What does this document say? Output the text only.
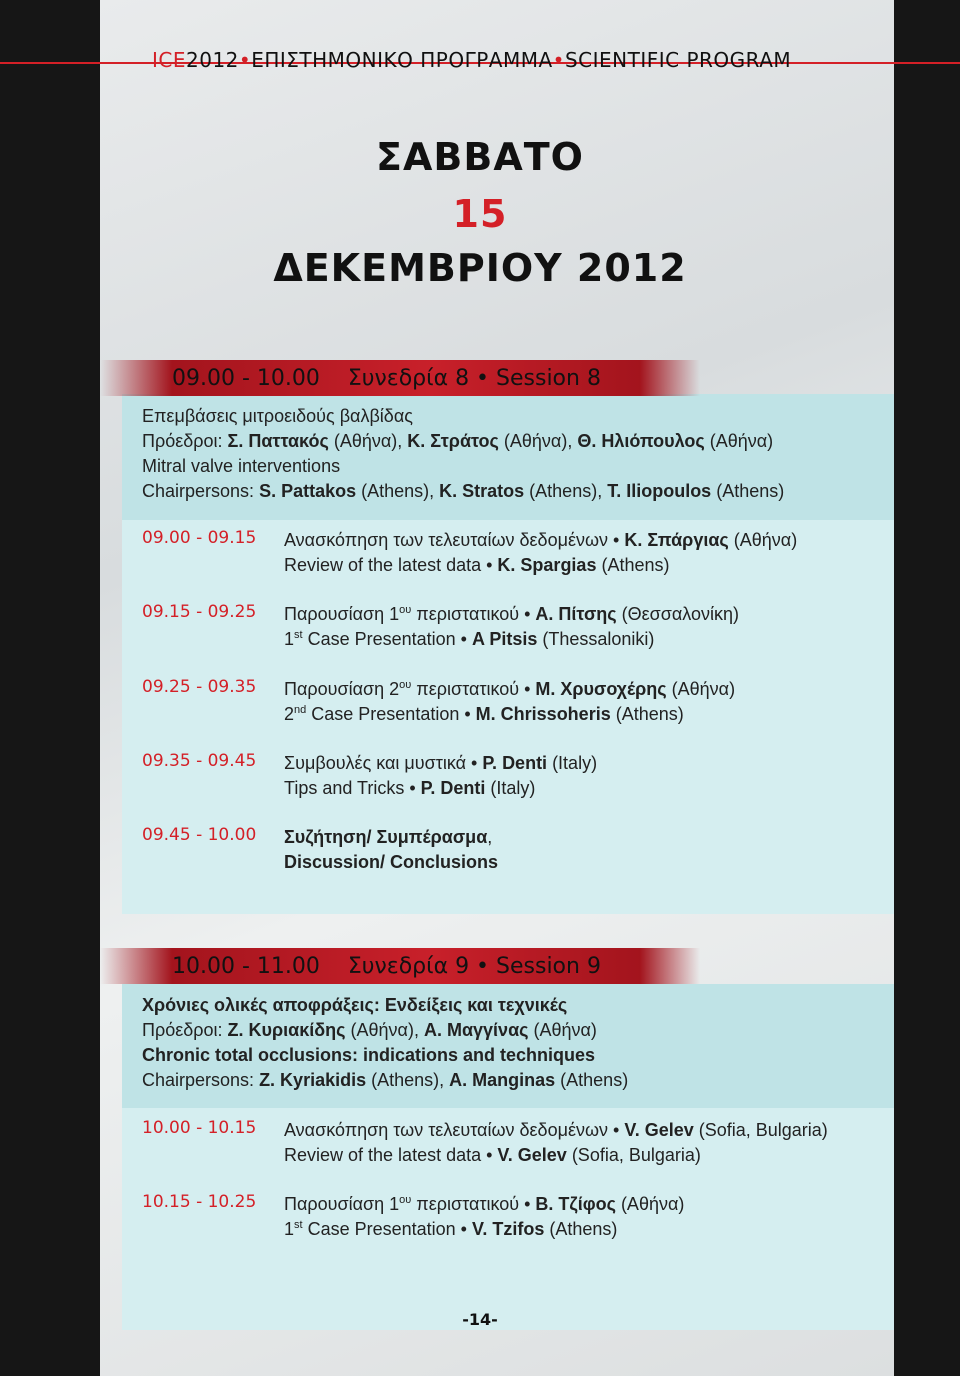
ICE2012•ΕΠΙΣΤΗΜΟΝΙΚΟ ΠΡΟΓΡΑΜΜΑ•SCIENTIFIC PROGRAM
ΣΑΒΒΑΤΟ
15
ΔΕΚΕΜΒΡΙΟΥ 2012
09.00 - 10.00 Συνεδρία 8 • Session 8
Επεμβάσεις μιτροειδούς βαλβίδας
Πρόεδροι: Σ. Παττακός (Αθήνα), Κ. Στράτος (Αθήνα), Θ. Ηλιόπουλος (Αθήνα)
Mitral valve interventions
Chairpersons: S. Pattakos (Athens), K. Stratos (Athens), T. Iliopoulos (Athens)
09.00 - 09.15 Ανασκόπηση των τελευταίων δεδομένων • Κ. Σπάργιας (Αθήνα)
Review of the latest data • K. Spargias (Athens)
09.15 - 09.25 Παρουσίαση $1^{o\upsilon}$ περιστατικού • Α. Πίτσης (Θεσσαλονίκη)
1st Case Presentation • A Pitsis (Thessaloniki)
09.25 - 09.35 Παρουσίαση $2^{o\upsilon}$ περιστατικού • Μ. Χρυσοχέρης (Αθήνα)
2nd Case Presentation • M. Chrissoheris (Athens)
09.35 - 09.45 Συμβουλές και μυστικά • P. Denti (Italy)
Tips and Tricks • P. Denti (Italy)
09.45 - 10.00 Συζήτηση/ Συμπέρασμα,
Discussion/ Conclusions
10.00 - 11.00 Συνεδρία 9 • Session 9
Χρόνιες ολικές αποφράξεις: Ενδείξεις και τεχνικές
Πρόεδροι: Ζ. Κυριακίδης (Αθήνα), Α. Μαγγίνας (Αθήνα)
Chronic total occlusions: indications and techniques
Chairpersons: Z. Kyriakidis (Athens), A. Manginas (Athens)
10.00 - 10.15 Ανασκόπηση των τελευταίων δεδομένων • V. Gelev (Sofia, Bulgaria)
Review of the latest data • V. Gelev (Sofia, Bulgaria)
10.15 - 10.25 Παρουσίαση $1^{o\upsilon}$ περιστατικού • Β. Τζίφος (Αθήνα)
1st Case Presentation • V. Tzifos (Athens)
-14-
